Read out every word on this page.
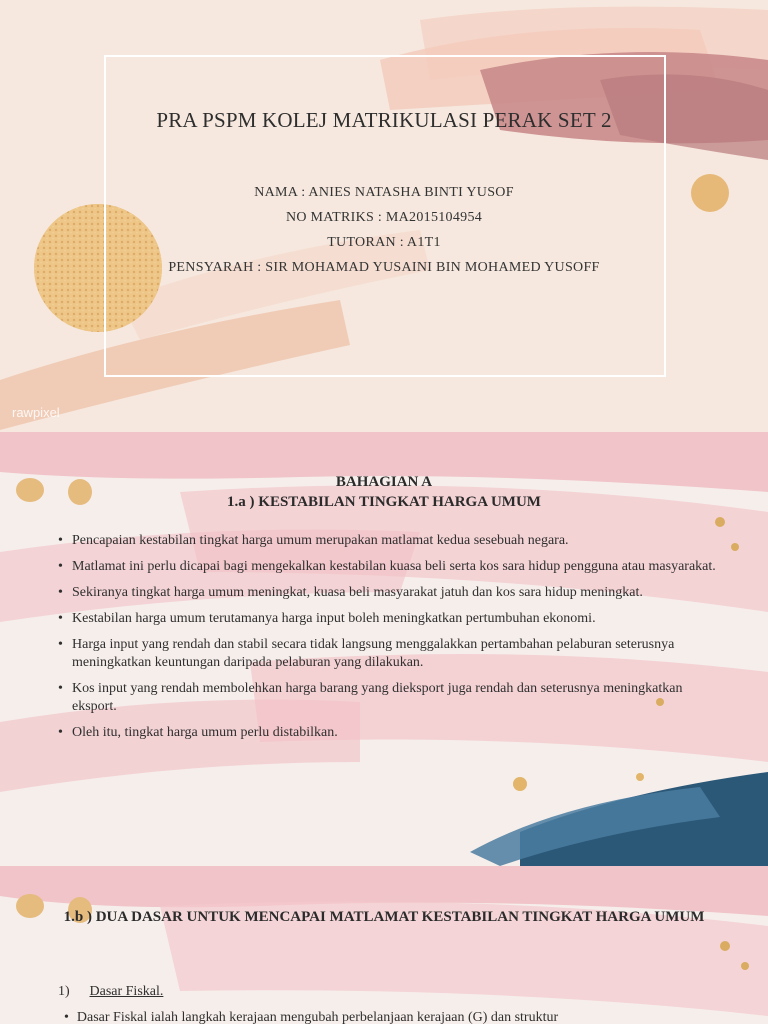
PRA PSPM KOLEJ MATRIKULASI PERAK SET 2
NAMA : ANIES NATASHA BINTI YUSOF
NO MATRIKS : MA2015104954
TUTORAN : A1T1
PENSYARAH : SIR MOHAMAD YUSAINI BIN MOHAMED YUSOFF
rawpixel
BAHAGIAN A
1.a ) KESTABILAN TINGKAT HARGA UMUM
• Pencapaian kestabilan tingkat harga umum merupakan matlamat kedua sesebuah negara.
• Matlamat ini perlu dicapai bagi mengekalkan kestabilan kuasa beli serta kos sara hidup pengguna atau masyarakat.
• Sekiranya tingkat harga umum meningkat, kuasa beli masyarakat jatuh dan kos sara hidup meningkat.
• Kestabilan harga umum terutamanya harga input boleh meningkatkan pertumbuhan ekonomi.
• Harga input yang rendah dan stabil secara tidak langsung menggalakkan pertambahan pelaburan seterusnya meningkatkan keuntungan daripada pelaburan yang dilakukan.
• Kos input yang rendah membolehkan harga barang yang dieksport juga rendah dan seterusnya meningkatkan eksport.
• Oleh itu, tingkat harga umum perlu distabilkan.
1.b ) DUA DASAR UNTUK MENCAPAI MATLAMAT KESTABILAN TINGKAT HARGA UMUM
1) Dasar Fiskal.
• Dasar Fiskal ialah langkah kerajaan mengubah perbelanjaan kerajaan (G) dan struktur
